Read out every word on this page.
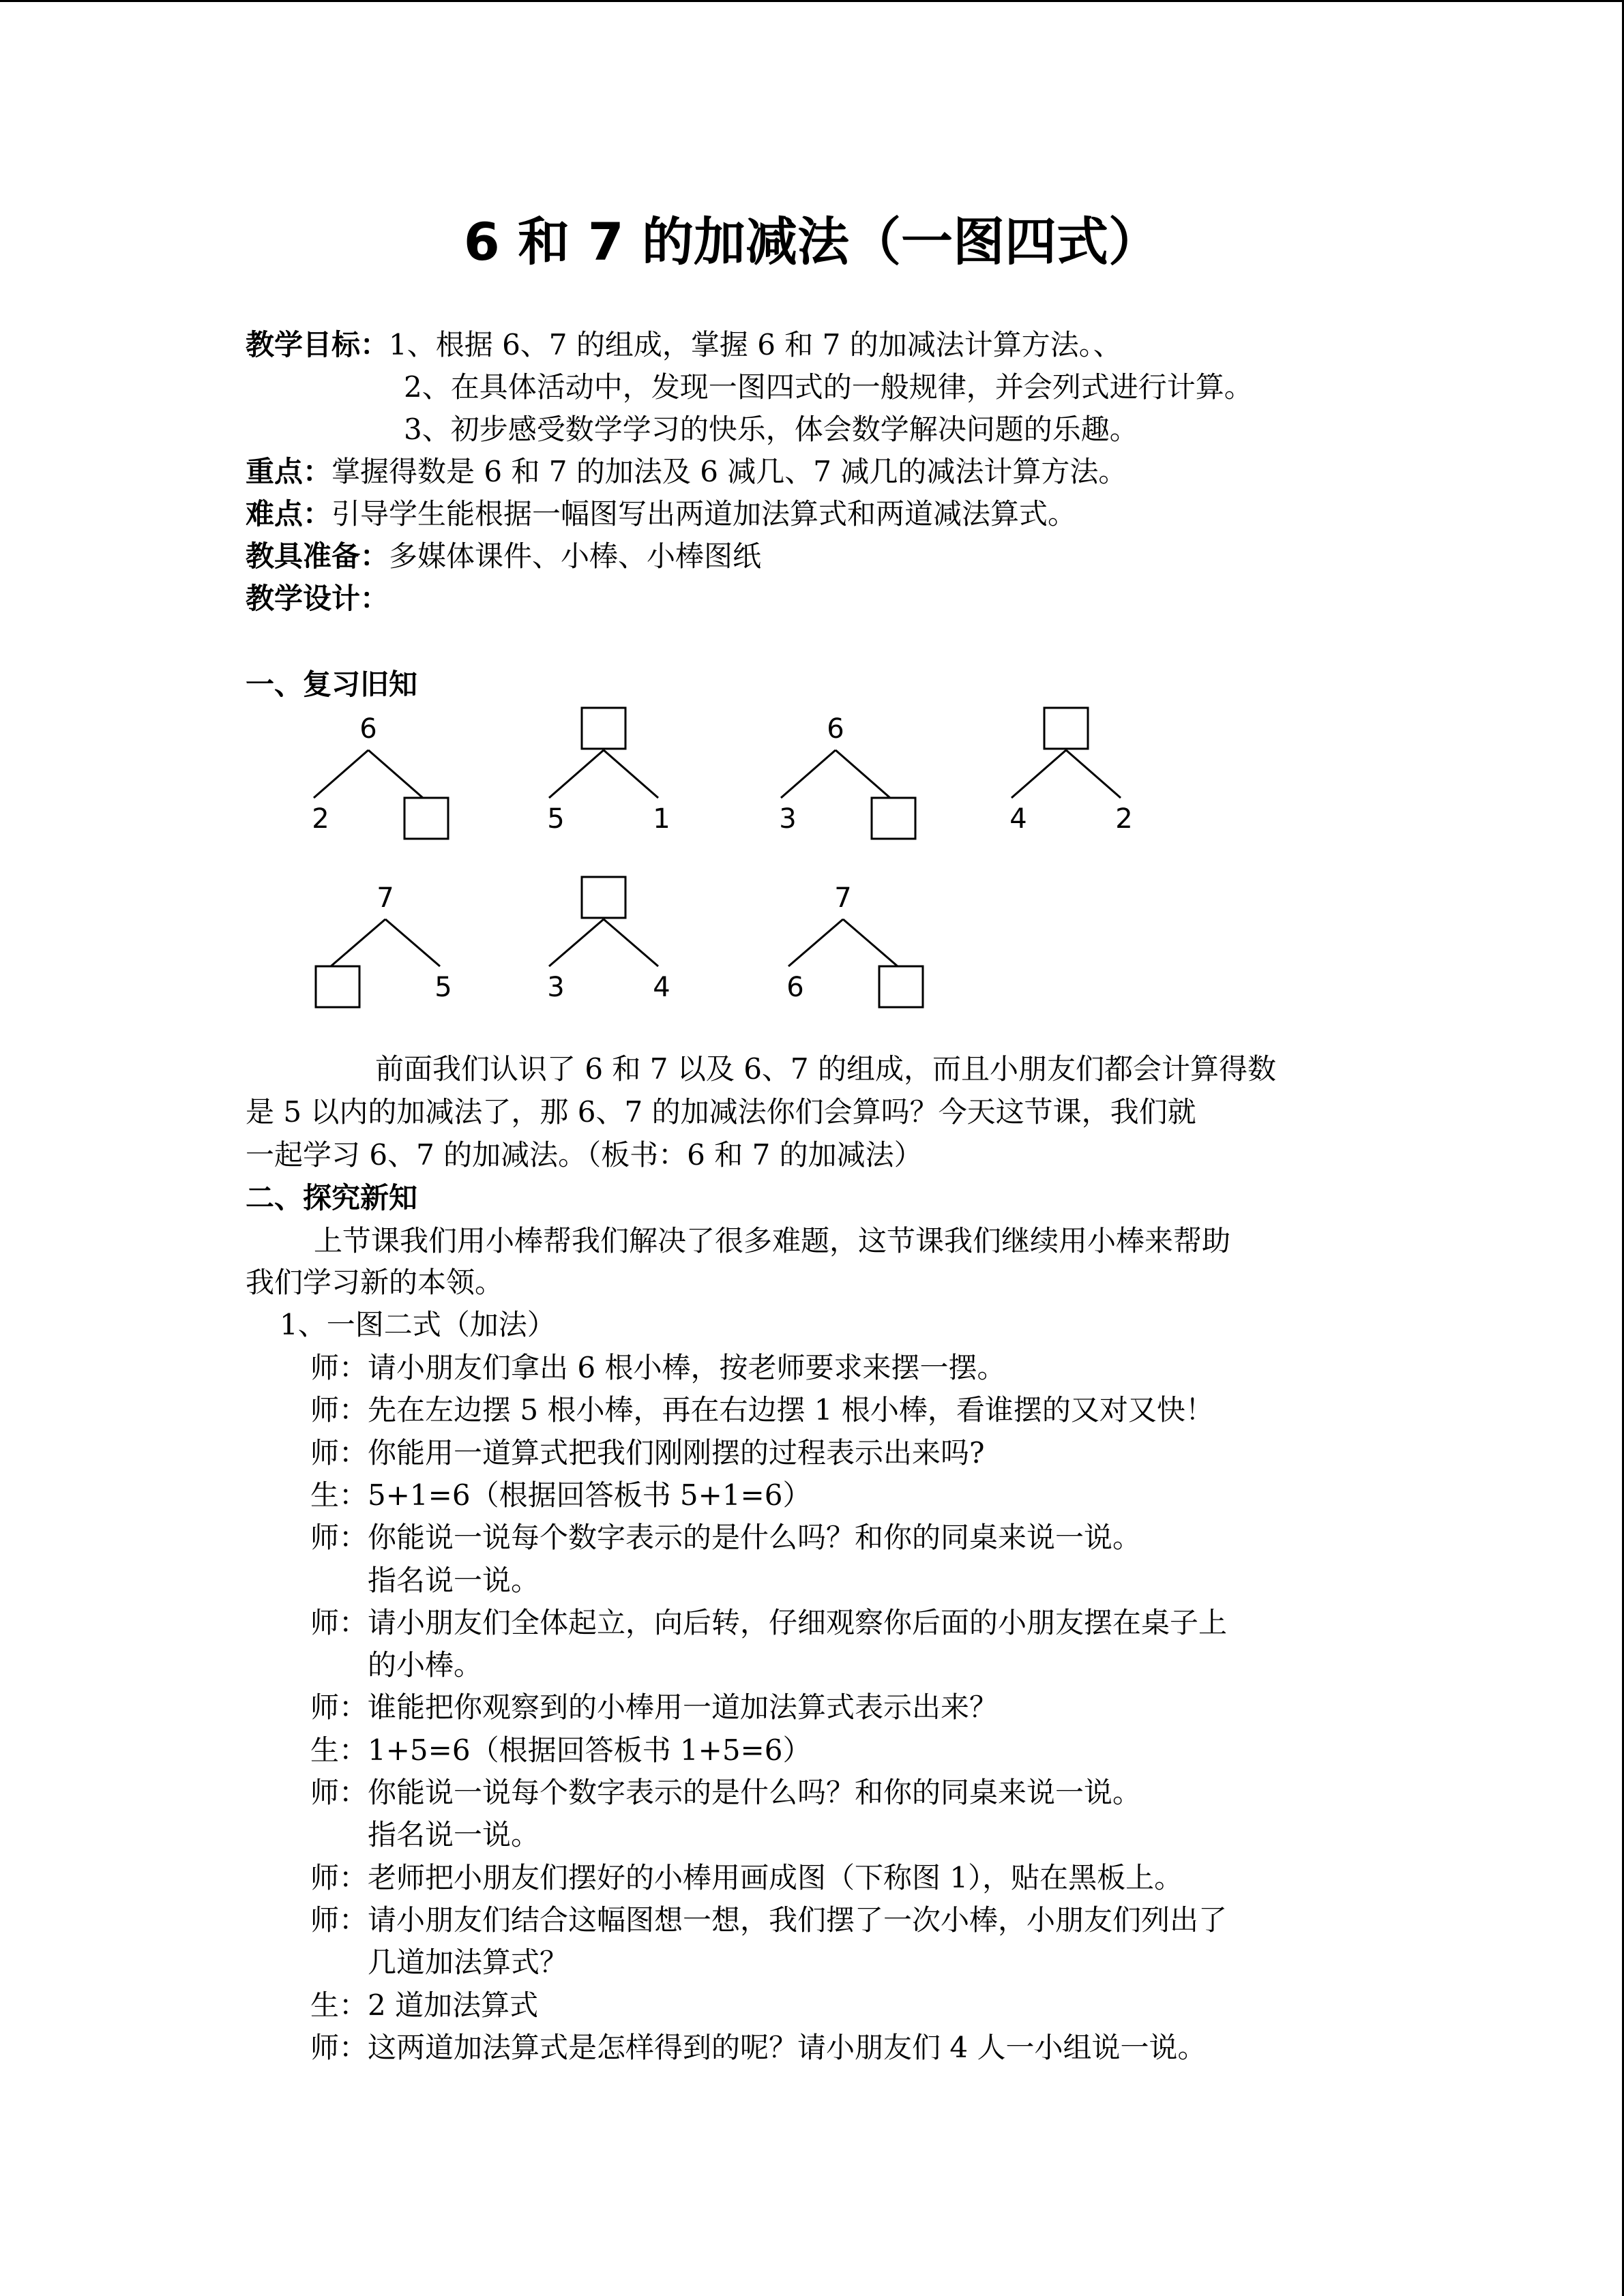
6 和 7 的加减法（一图四式）
教学目标：1、根据 6、7 的组成，掌握 6 和 7 的加减法计算方法。、
2、在具体活动中，发现一图四式的一般规律，并会列式进行计算。
3、初步感受数学学习的快乐，体会数学解决问题的乐趣。
重点：掌握得数是 6 和 7 的加法及 6 减几、7 减几的减法计算方法。
难点：引导学生能根据一幅图写出两道加法算式和两道减法算式。
教具准备：多媒体课件、小棒、小棒图纸
教学设计：
一、复习旧知
6
2	5	1
6
3	4	2
7
5	3	4
7
6
前面我们认识了 6 和 7 以及 6、7 的组成，而且小朋友们都会计算得数
是 5 以内的加减法了，那 6、7 的加减法你们会算吗？今天这节课，我们就
一起学习 6、7 的加减法。（板书：6 和 7 的加减法）
二、探究新知
上节课我们用小棒帮我们解决了很多难题，这节课我们继续用小棒来帮助
我们学习新的本领。
1、一图二式（加法）
师：请小朋友们拿出 6 根小棒，按老师要求来摆一摆。
师：先在左边摆 5 根小棒，再在右边摆 1 根小棒，看谁摆的又对又快！
师：你能用一道算式把我们刚刚摆的过程表示出来吗?
生：5+1=6（根据回答板书 5+1=6）
师：你能说一说每个数字表示的是什么吗？和你的同桌来说一说。
指名说一说。
师：请小朋友们全体起立，向后转，仔细观察你后面的小朋友摆在桌子上
的小棒。
师：谁能把你观察到的小棒用一道加法算式表示出来？
生：1+5=6（根据回答板书 1+5=6）
师：你能说一说每个数字表示的是什么吗？和你的同桌来说一说。
指名说一说。
师：老师把小朋友们摆好的小棒用画成图（下称图 1），贴在黑板上。
师：请小朋友们结合这幅图想一想，我们摆了一次小棒，小朋友们列出了
几道加法算式？
生：2 道加法算式
师：这两道加法算式是怎样得到的呢？请小朋友们 4 人一小组说一说。
